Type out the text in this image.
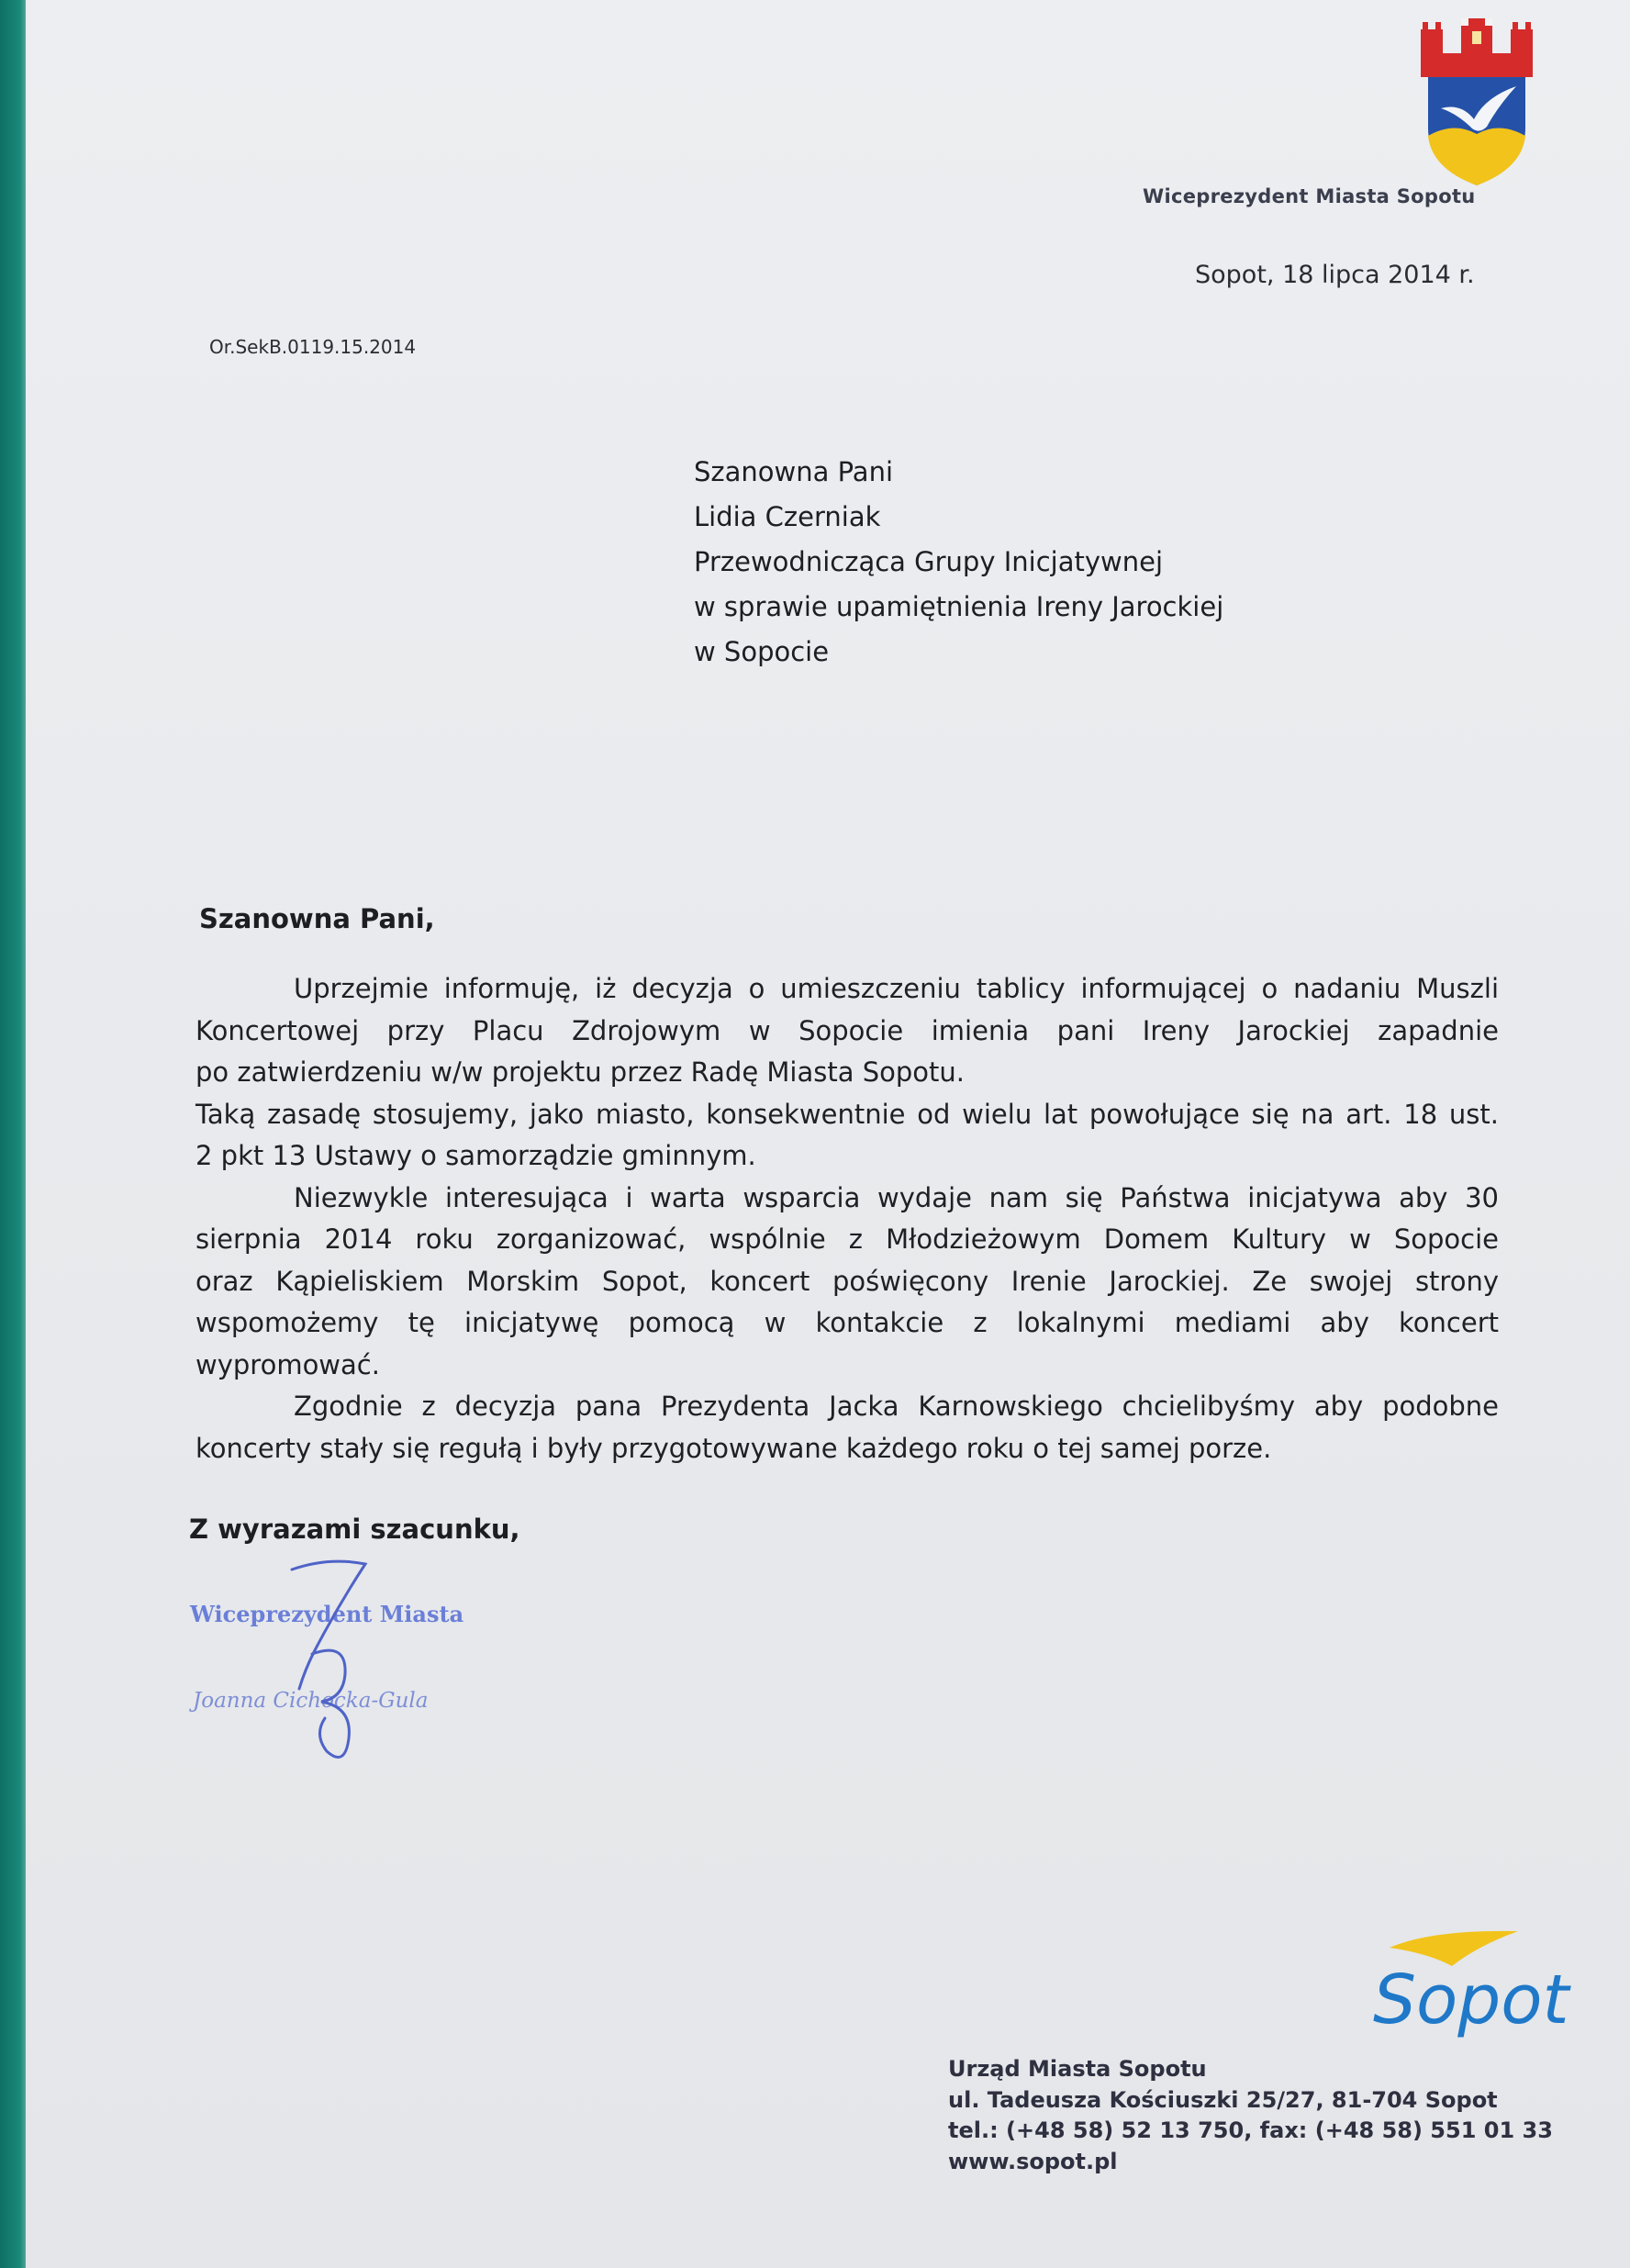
Wiceprezydent Miasta Sopotu
Sopot, 18 lipca 2014 r.
Or.SekB.0119.15.2014
Szanowna Pani
Lidia Czerniak
Przewodnicząca Grupy Inicjatywnej
w sprawie upamiętnienia Ireny Jarockiej
w Sopocie
Szanowna Pani,
Uprzejmie informuję, iż decyzja o umieszczeniu tablicy informującej o nadaniu Muszli
Koncertowej przy Placu Zdrojowym w Sopocie imienia pani Ireny Jarockiej zapadnie
po zatwierdzeniu w/w projektu przez Radę Miasta Sopotu.
Taką zasadę stosujemy, jako miasto, konsekwentnie od wielu lat powołujące się na art. 18 ust.
2 pkt 13 Ustawy o samorządzie gminnym.
Niezwykle interesująca i warta wsparcia wydaje nam się Państwa inicjatywa aby 30
sierpnia 2014 roku zorganizować, wspólnie z Młodzieżowym Domem Kultury w Sopocie
oraz Kąpieliskiem Morskim Sopot, koncert poświęcony Irenie Jarockiej. Ze swojej strony
wspomożemy tę inicjatywę pomocą w kontakcie z lokalnymi mediami aby koncert
wypromować.
Zgodnie z decyzja pana Prezydenta Jacka Karnowskiego chcielibyśmy aby podobne
koncerty stały się regułą i były przygotowywane każdego roku o tej samej porze.
Z wyrazami szacunku,
Wiceprezydent Miasta
Joanna Cichocka-Gula
Sopot
Urząd Miasta Sopotu
ul. Tadeusza Kościuszki 25/27, 81-704 Sopot
tel.: (+48 58) 52 13 750, fax: (+48 58) 551 01 33
www.sopot.pl
